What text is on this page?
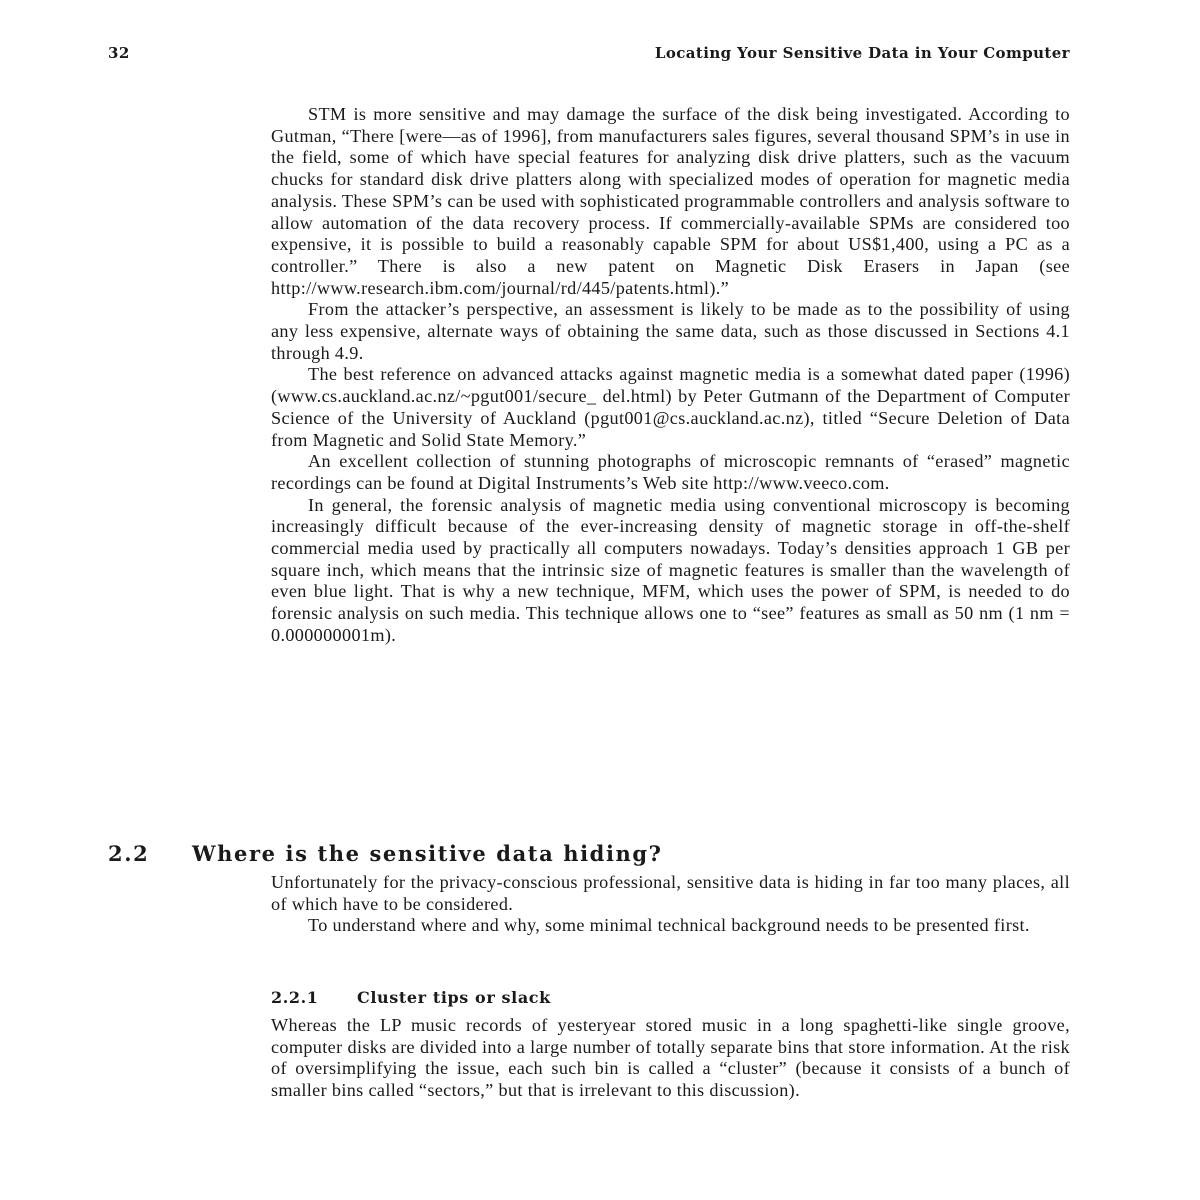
32	Locating Your Sensitive Data in Your Computer

STM is more sensitive and may damage the surface of the disk being investigated. According to Gutman, “There [were—as of 1996], from manufacturers sales figures, several thousand SPM’s in use in the field, some of which have special features for analyzing disk drive platters, such as the vacuum chucks for standard disk drive platters along with specialized modes of operation for magnetic media analysis. These SPM’s can be used with sophisticated programmable controllers and analysis software to allow automation of the data recovery process. If commercially-available SPMs are considered too expensive, it is possible to build a reasonably capable SPM for about US$1,400, using a PC as a controller.” There is also a new patent on Magnetic Disk Erasers in Japan (see http://www.research.ibm.com/journal/rd/445/patents.html).”

From the attacker’s perspective, an assessment is likely to be made as to the possibility of using any less expensive, alternate ways of obtaining the same data, such as those discussed in Sections 4.1 through 4.9.

The best reference on advanced attacks against magnetic media is a somewhat dated paper (1996) (www.cs.auckland.ac.nz/~pgut001/secure_ del.html) by Peter Gutmann of the Department of Computer Science of the University of Auckland (pgut001@cs.auckland.ac.nz), titled “Secure Deletion of Data from Magnetic and Solid State Memory.”

An excellent collection of stunning photographs of microscopic remnants of “erased” magnetic recordings can be found at Digital Instruments’s Web site http://www.veeco.com.

In general, the forensic analysis of magnetic media using conventional microscopy is becoming increasingly difficult because of the ever-increasing density of magnetic storage in off-the-shelf commercial media used by practically all computers nowadays. Today’s densities approach 1 GB per square inch, which means that the intrinsic size of magnetic features is smaller than the wavelength of even blue light. That is why a new technique, MFM, which uses the power of SPM, is needed to do forensic analysis on such media. This technique allows one to “see” features as small as 50 nm (1 nm = 0.000000001m).

2.2 Where is the sensitive data hiding?

Unfortunately for the privacy-conscious professional, sensitive data is hiding in far too many places, all of which have to be considered.

To understand where and why, some minimal technical background needs to be presented first.

2.2.1 Cluster tips or slack

Whereas the LP music records of yesteryear stored music in a long spaghetti-like single groove, computer disks are divided into a large number of totally separate bins that store information. At the risk of oversimplifying the issue, each such bin is called a “cluster” (because it consists of a bunch of smaller bins called “sectors,” but that is irrelevant to this discussion).
